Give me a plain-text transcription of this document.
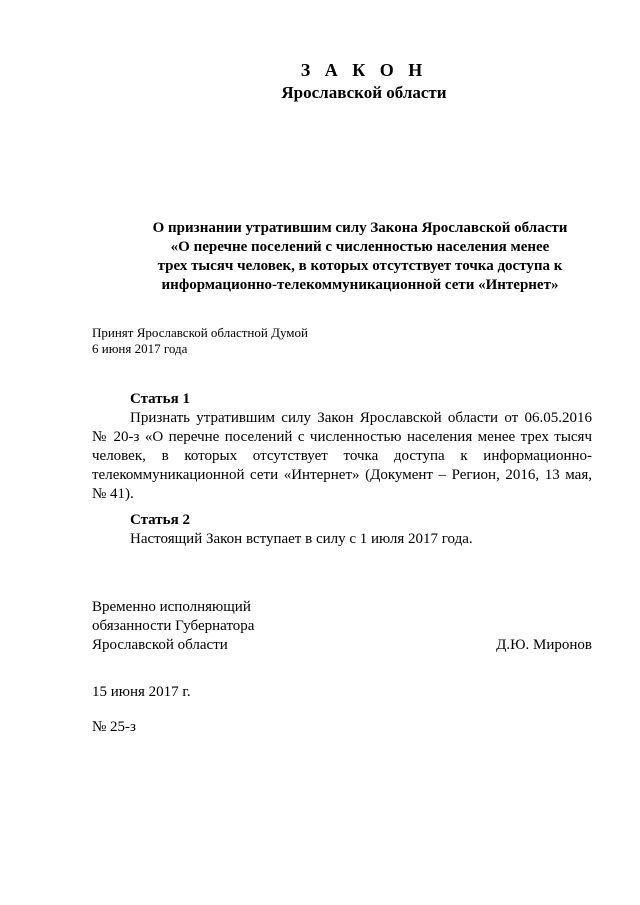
З А К О Н
Ярославской области
О признании утратившим силу Закона Ярославской области
«О перечне поселений с численностью населения менее
трех тысяч человек, в которых отсутствует точка доступа к
информационно-телекоммуникационной сети «Интернет»
Принят Ярославской областной Думой
6 июня 2017 года
Статья 1
Признать утратившим силу Закон Ярославской области от 06.05.2016
№ 20-з «О перечне поселений с численностью населения менее трех тысяч
человек, в которых отсутствует точка доступа к информационно-
телекоммуникационной сети «Интернет» (Документ – Регион, 2016, 13 мая,
№ 41).
Статья 2
Настоящий Закон вступает в силу с 1 июля 2017 года.
Временно исполняющий
обязанности Губернатора
Ярославской области	Д.Ю. Миронов
15 июня 2017 г.
№ 25-з
